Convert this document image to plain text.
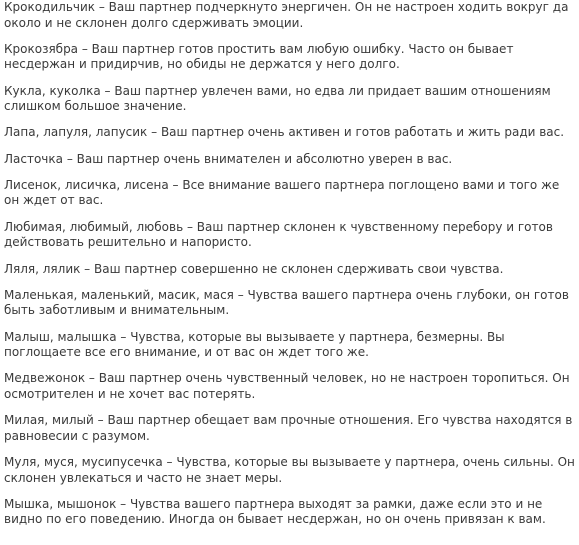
Крокодильчик – Ваш партнер подчеркнуто энергичен. Он не настроен ходить вокруг да около и не склонен долго сдерживать эмоции.

Крокозябра – Ваш партнер готов простить вам любую ошибку. Часто он бывает несдержан и придирчив, но обиды не держатся у него долго.

Кукла, куколка – Ваш партнер увлечен вами, но едва ли придает вашим отношениям слишком большое значение.

Лапа, лапуля, лапусик – Ваш партнер очень активен и готов работать и жить ради вас.

Ласточка – Ваш партнер очень внимателен и абсолютно уверен в вас.

Лисенок, лисичка, лисена – Все внимание вашего партнера поглощено вами и того же он ждет от вас.

Любимая, любимый, любовь – Ваш партнер склонен к чувственному перебору и готов действовать решительно и напористо.

Ляля, лялик – Ваш партнер совершенно не склонен сдерживать свои чувства.

Маленькая, маленький, масик, мася – Чувства вашего партнера очень глубоки, он готов быть заботливым и внимательным.

Малыш, малышка – Чувства, которые вы вызываете у партнера, безмерны. Вы поглощаете все его внимание, и от вас он ждет того же.

Медвежонок – Ваш партнер очень чувственный человек, но не настроен торопиться. Он осмотрителен и не хочет вас потерять.

Милая, милый – Ваш партнер обещает вам прочные отношения. Его чувства находятся в равновесии с разумом.

Муля, муся, мусипусечка – Чувства, которые вы вызываете у партнера, очень сильны. Он склонен увлекаться и часто не знает меры.

Мышка, мышонок – Чувства вашего партнера выходят за рамки, даже если это и не видно по его поведению. Иногда он бывает несдержан, но он очень привязан к вам.
